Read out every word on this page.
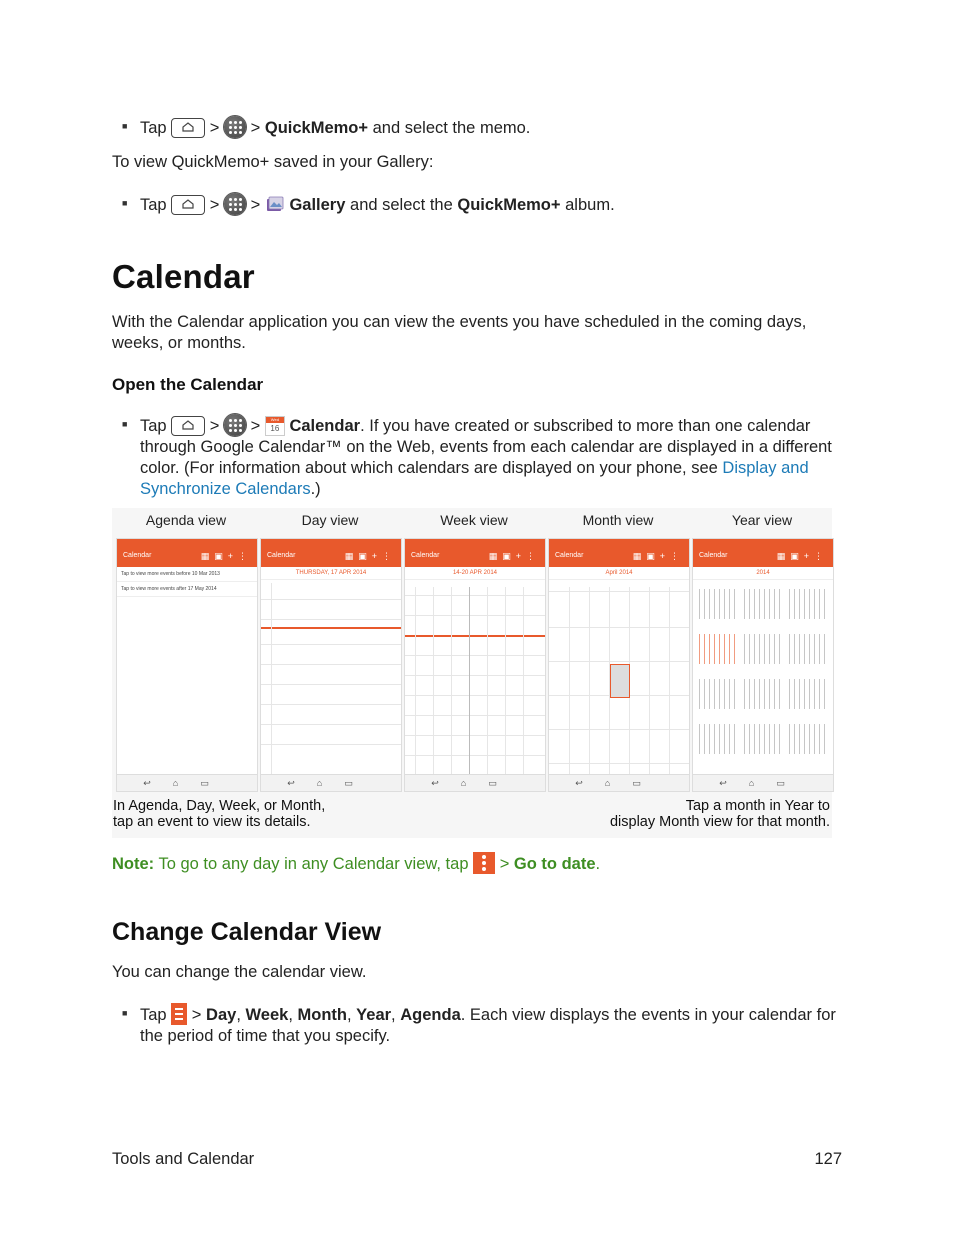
■ Tap	> > QuickMemo+ and select the memo.
To view QuickMemo+ saved in your Gallery:
■ Tap	> > Gallery and select the QuickMemo+ album.
Calendar
With the Calendar application you can view the events you have scheduled in the coming days, weeks, or months.
Open the Calendar
■ Tap	> >	Wed
16 Calendar. If you have created or subscribed to more than one calendar through Google Calendar™ on the Web, events from each calendar are displayed in a different color. (For information about which calendars are displayed on your phone, see Display and Synchronize Calendars.)
Agenda view
Calendar	▦▣+⋮
Tap to view more events before 10 Mar 2013
Tap to view more events after 17 May 2014
↩⌂▭
Day view
Calendar	▦▣+⋮
THURSDAY, 17 APR 2014
↩⌂▭
Week view
Calendar	▦▣+⋮
14-20 APR 2014
↩⌂▭
Month view
Calendar	▦▣+⋮
April 2014
↩⌂▭
Year view
Calendar	▦▣+⋮
2014
↩⌂▭
In Agenda, Day, Week, or Month,
tap an event to view its details.
Tap a month in Year to
display Month view for that month.
Note: To go to any day in any Calendar view, tap > Go to date.
Change Calendar View
You can change the calendar view.
■ Tap > Day, Week, Month, Year, Agenda. Each view displays the events in your calendar for the period of time that you specify.
Tools and Calendar	127
